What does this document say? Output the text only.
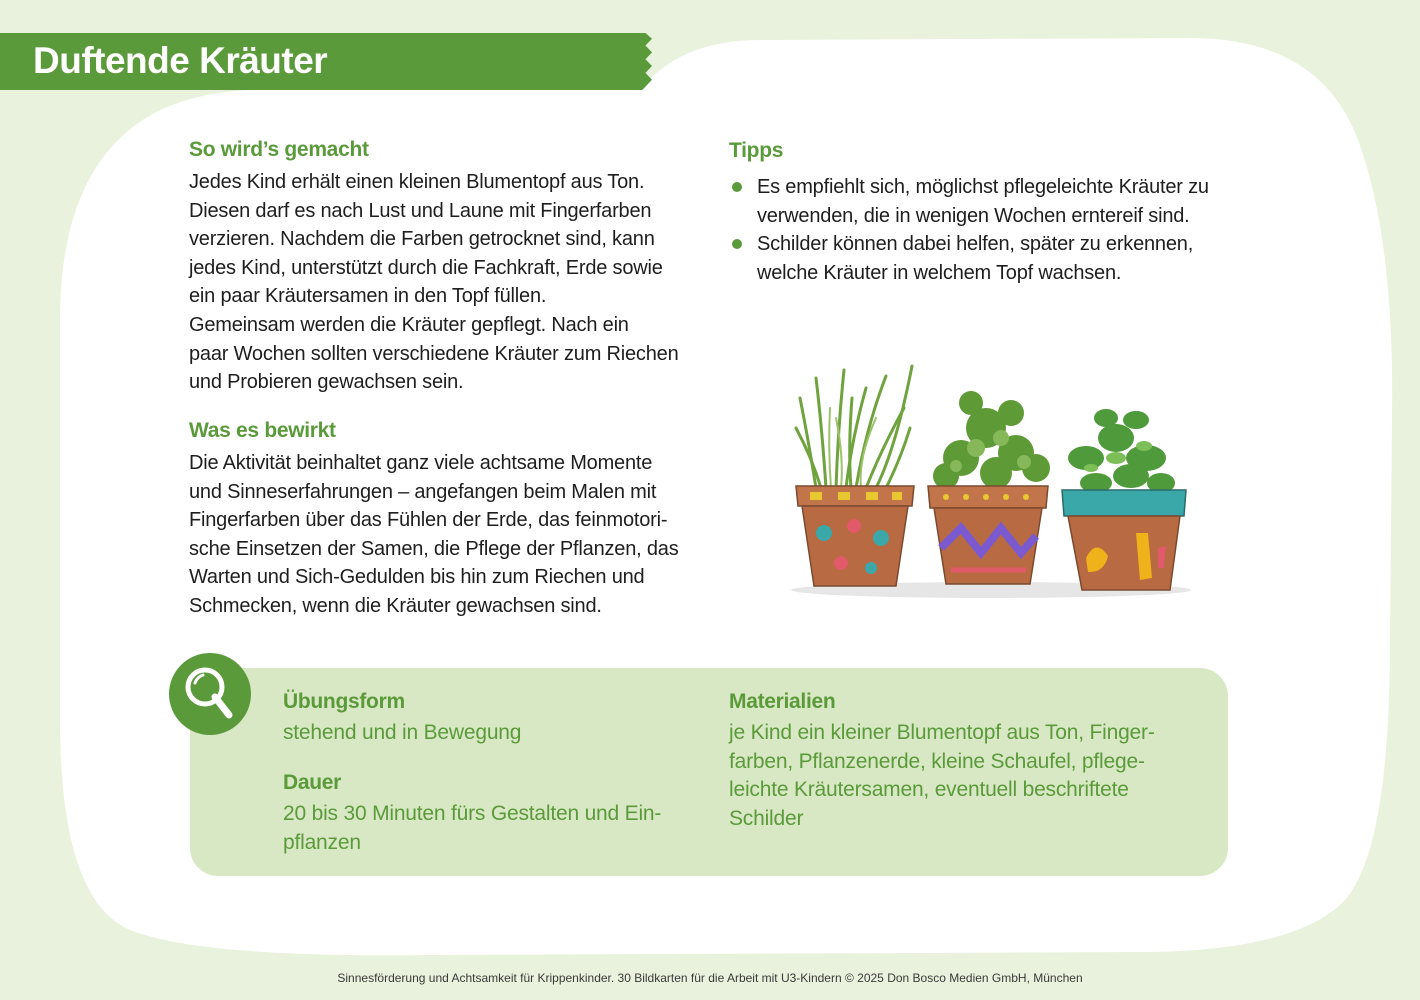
Duftende Kräuter
So wird’s gemacht
Jedes Kind erhält einen kleinen Blumentopf aus Ton.
Diesen darf es nach Lust und Laune mit Fingerfarben
verzieren. Nachdem die Farben getrocknet sind, kann
jedes Kind, unterstützt durch die Fachkraft, Erde sowie
ein paar Kräutersamen in den Topf füllen.
Gemeinsam werden die Kräuter gepflegt. Nach ein
paar Wochen sollten verschiedene Kräuter zum Riechen
und Probieren gewachsen sein.
Was es bewirkt
Die Aktivität beinhaltet ganz viele achtsame Momente
und Sinneserfahrungen – angefangen beim Malen mit
Fingerfarben über das Fühlen der Erde, das feinmotori-
sche Einsetzen der Samen, die Pflege der Pflanzen, das
Warten und Sich-Gedulden bis hin zum Riechen und
Schmecken, wenn die Kräuter gewachsen sind.
Tipps
Es empfiehlt sich, möglichst pflegeleichte Kräuter zu
verwenden, die in wenigen Wochen erntereif sind.
Schilder können dabei helfen, später zu erkennen,
welche Kräuter in welchem Topf wachsen.
Übungsform
stehend und in Bewegung
Dauer
20 bis 30 Minuten fürs Gestalten und Ein-
pflanzen
Materialien
je Kind ein kleiner Blumentopf aus Ton, Finger-
farben, Pflanzenerde, kleine Schaufel, pflege-
leichte Kräutersamen, eventuell beschriftete
Schilder
Sinnesförderung und Achtsamkeit für Krippenkinder. 30 Bildkarten für die Arbeit mit U3-Kindern © 2025 Don Bosco Medien GmbH, München
